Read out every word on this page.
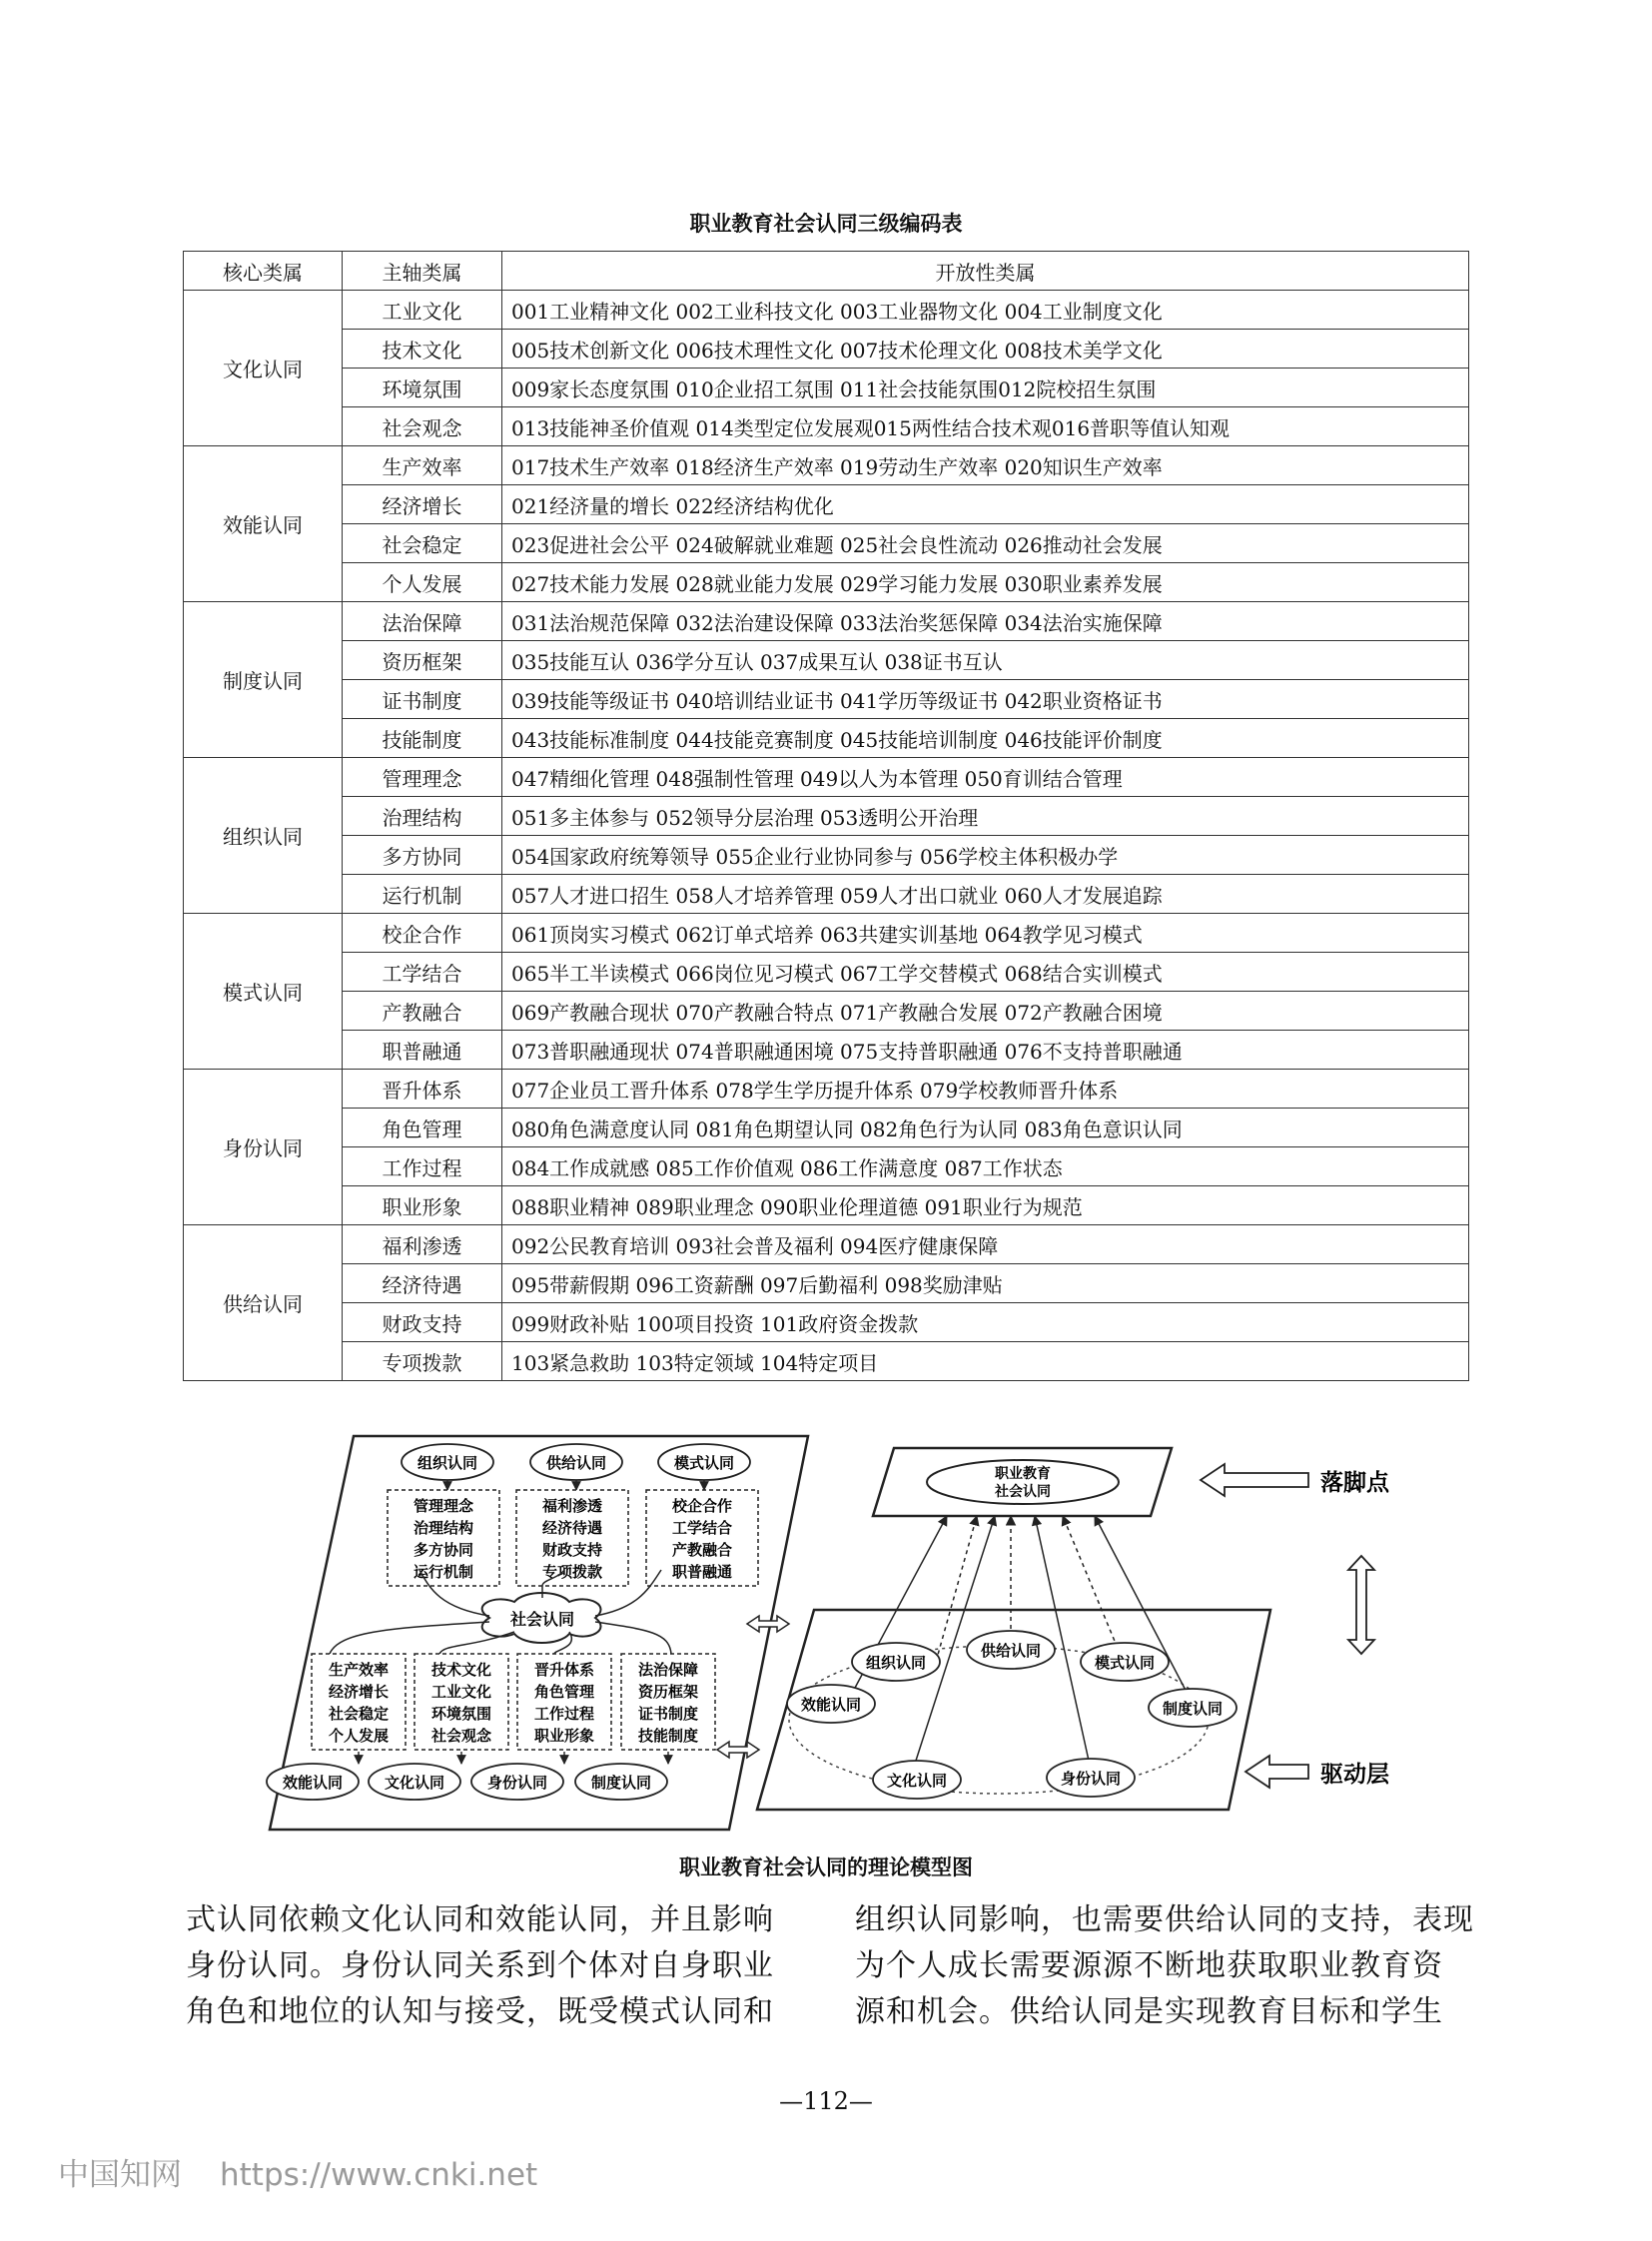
职业教育社会认同三级编码表
核心类属	主轴类属	开放性类属
文化认同	工业文化	001工业精神文化 002工业科技文化 003工业器物文化 004工业制度文化
	技术文化	005技术创新文化 006技术理性文化 007技术伦理文化 008技术美学文化
	环境氛围	009家长态度氛围 010企业招工氛围 011社会技能氛围012院校招生氛围
	社会观念	013技能神圣价值观 014类型定位发展观015两性结合技术观016普职等值认知观
效能认同	生产效率	017技术生产效率 018经济生产效率 019劳动生产效率 020知识生产效率
	经济增长	021经济量的增长 022经济结构优化
	社会稳定	023促进社会公平 024破解就业难题 025社会良性流动 026推动社会发展
	个人发展	027技术能力发展 028就业能力发展 029学习能力发展 030职业素养发展
制度认同	法治保障	031法治规范保障 032法治建设保障 033法治奖惩保障 034法治实施保障
	资历框架	035技能互认 036学分互认 037成果互认 038证书互认
	证书制度	039技能等级证书 040培训结业证书 041学历等级证书 042职业资格证书
	技能制度	043技能标准制度 044技能竞赛制度 045技能培训制度 046技能评价制度
组织认同	管理理念	047精细化管理 048强制性管理 049以人为本管理 050育训结合管理
	治理结构	051多主体参与 052领导分层治理 053透明公开治理
	多方协同	054国家政府统筹领导 055企业行业协同参与 056学校主体积极办学
	运行机制	057人才进口招生 058人才培养管理 059人才出口就业 060人才发展追踪
模式认同	校企合作	061顶岗实习模式 062订单式培养 063共建实训基地 064教学见习模式
	工学结合	065半工半读模式 066岗位见习模式 067工学交替模式 068结合实训模式
	产教融合	069产教融合现状 070产教融合特点 071产教融合发展 072产教融合困境
	职普融通	073普职融通现状 074普职融通困境 075支持普职融通 076不支持普职融通
身份认同	晋升体系	077企业员工晋升体系 078学生学历提升体系 079学校教师晋升体系
	角色管理	080角色满意度认同 081角色期望认同 082角色行为认同 083角色意识认同
	工作过程	084工作成就感 085工作价值观 086工作满意度 087工作状态
	职业形象	088职业精神 089职业理念 090职业伦理道德 091职业行为规范
供给认同	福利渗透	092公民教育培训 093社会普及福利 094医疗健康保障
	经济待遇	095带薪假期 096工资薪酬 097后勤福利 098奖励津贴
	财政支持	099财政补贴 100项目投资 101政府资金拨款
	专项拨款	103紧急救助 103特定领域 104特定项目
组织认同	供给认同	模式认同
管理理念
治理结构
多方协同
运行机制
福利渗透
经济待遇
财政支持
专项拨款
校企合作
工学结合
产教融合
职普融通
社会认同
生产效率
经济增长
社会稳定
个人发展
技术文化
工业文化
环境氛围
社会观念
晋升体系
角色管理
工作过程
职业形象
法治保障
资历框架
证书制度
技能制度
效能认同	文化认同	身份认同	制度认同
职业教育
社会认同
组织认同
供给认同
模式认同
效能认同	制度认同
文化认同	身份认同
落脚点
驱动层
职业教育社会认同的理论模型图
式认同依赖文化认同和效能认同，并且影响
身份认同。身份认同关系到个体对自身职业
角色和地位的认知与接受，既受模式认同和
组织认同影响，也需要供给认同的支持，表现
为个人成长需要源源不断地获取职业教育资
源和机会。供给认同是实现教育目标和学生
—112—
中国知网 https://www.cnki.net
